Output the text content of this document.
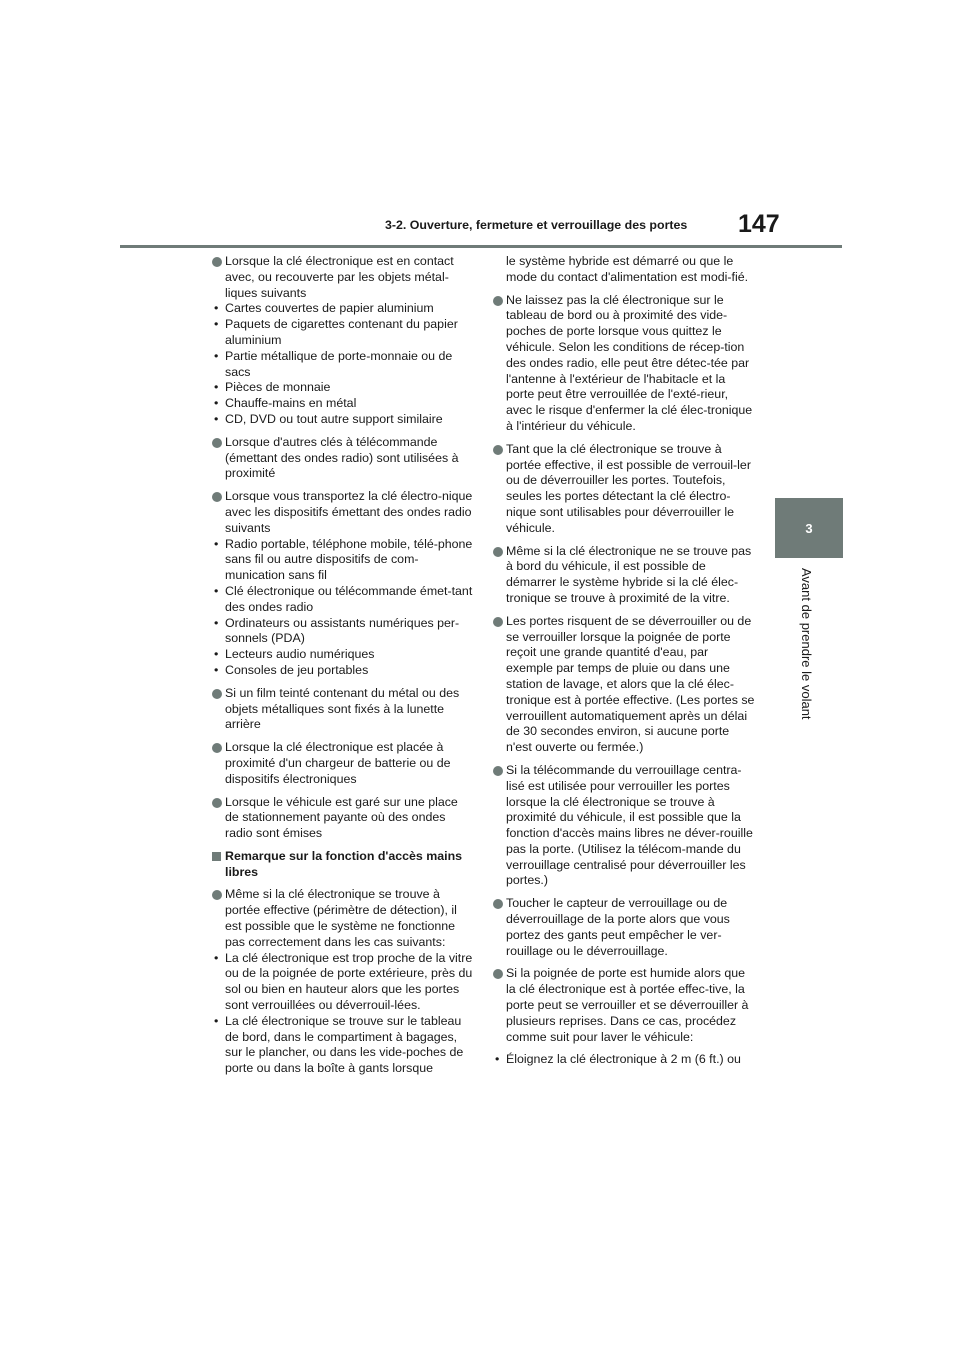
3-2. Ouverture, fermeture et verrouillage des portes	147
3
Avant de prendre le volant
Lorsque la clé électronique est en contact avec, ou recouverte par les objets métal-liques suivants
• Cartes couvertes de papier aluminium
• Paquets de cigarettes contenant du papier aluminium
• Partie métallique de porte-monnaie ou de sacs
• Pièces de monnaie
• Chauffe-mains en métal
• CD, DVD ou tout autre support similaire
Lorsque d'autres clés à télécommande (émettant des ondes radio) sont utilisées à proximité
Lorsque vous transportez la clé électro-nique avec les dispositifs émettant des ondes radio suivants
• Radio portable, téléphone mobile, télé-phone sans fil ou autre dispositifs de com-munication sans fil
• Clé électronique ou télécommande émet-tant des ondes radio
• Ordinateurs ou assistants numériques per-sonnels (PDA)
• Lecteurs audio numériques
• Consoles de jeu portables
Si un film teinté contenant du métal ou des objets métalliques sont fixés à la lunette arrière
Lorsque la clé électronique est placée à proximité d'un chargeur de batterie ou de dispositifs électroniques
Lorsque le véhicule est garé sur une place de stationnement payante où des ondes radio sont émises
Remarque sur la fonction d'accès mains libres
Même si la clé électronique se trouve à portée effective (périmètre de détection), il est possible que le système ne fonctionne pas correctement dans les cas suivants:
• La clé électronique est trop proche de la vitre ou de la poignée de porte extérieure, près du sol ou bien en hauteur alors que les portes sont verrouillées ou déverrouil-lées.
• La clé électronique se trouve sur le tableau de bord, dans le compartiment à bagages, sur le plancher, ou dans les vide-poches de porte ou dans la boîte à gants lorsque
le système hybride est démarré ou que le mode du contact d'alimentation est modi-fié.
Ne laissez pas la clé électronique sur le tableau de bord ou à proximité des vide-poches de porte lorsque vous quittez le véhicule. Selon les conditions de récep-tion des ondes radio, elle peut être détec-tée par l'antenne à l'extérieur de l'habitacle et la porte peut être verrouillée de l'exté-rieur, avec le risque d'enfermer la clé élec-tronique à l'intérieur du véhicule.
Tant que la clé électronique se trouve à portée effective, il est possible de verrouil-ler ou de déverrouiller les portes. Toutefois, seules les portes détectant la clé électro-nique sont utilisables pour déverrouiller le véhicule.
Même si la clé électronique ne se trouve pas à bord du véhicule, il est possible de démarrer le système hybride si la clé élec-tronique se trouve à proximité de la vitre.
Les portes risquent de se déverrouiller ou de se verrouiller lorsque la poignée de porte reçoit une grande quantité d'eau, par exemple par temps de pluie ou dans une station de lavage, et alors que la clé élec-tronique est à portée effective. (Les portes se verrouillent automatiquement après un délai de 30 secondes environ, si aucune porte n'est ouverte ou fermée.)
Si la télécommande du verrouillage centra-lisé est utilisée pour verrouiller les portes lorsque la clé électronique se trouve à proximité du véhicule, il est possible que la fonction d'accès mains libres ne déver-rouille pas la porte. (Utilisez la télécom-mande du verrouillage centralisé pour déverrouiller les portes.)
Toucher le capteur de verrouillage ou de déverrouillage de la porte alors que vous portez des gants peut empêcher le ver-rouillage ou le déverrouillage.
Si la poignée de porte est humide alors que la clé électronique est à portée effec-tive, la porte peut se verrouiller et se déverrouiller à plusieurs reprises. Dans ce cas, procédez comme suit pour laver le véhicule:
• Éloignez la clé électronique à 2 m (6 ft.) ou
